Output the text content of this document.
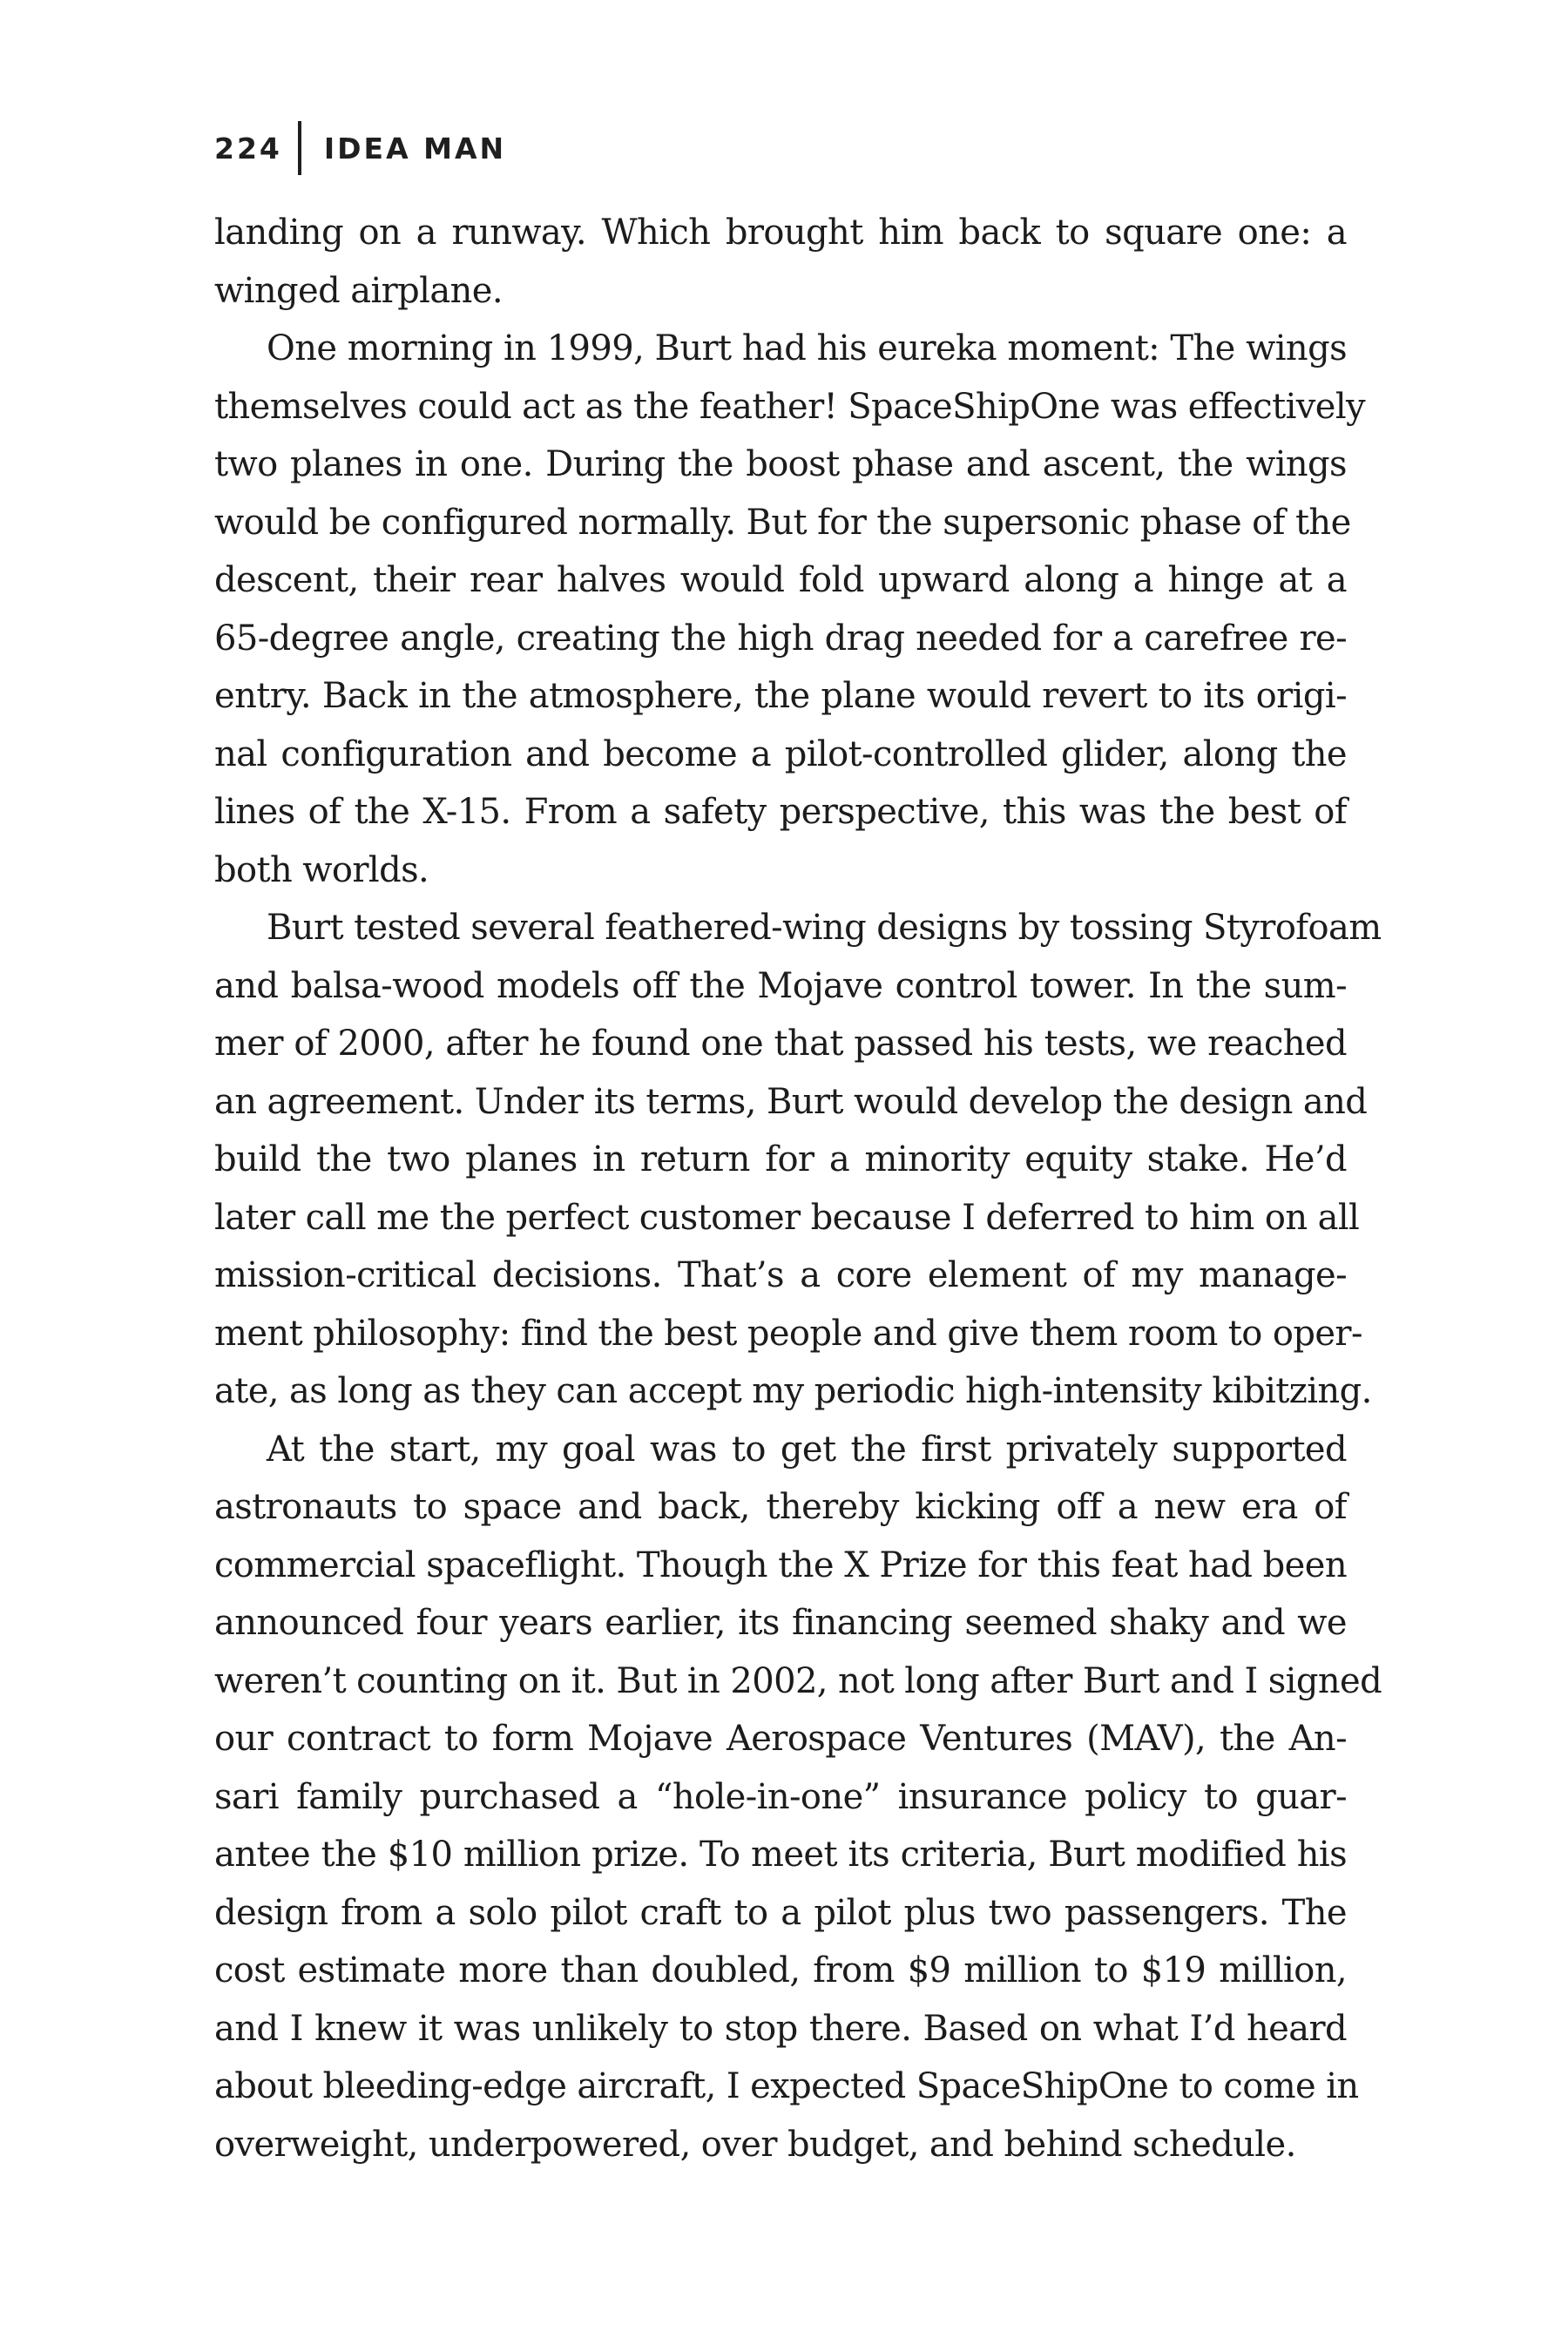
224 IDEA MAN
landing on a runway. Which brought him back to square one: a
winged airplane.
One morning in 1999, Burt had his eureka moment: The wings
themselves could act as the feather! SpaceShipOne was effectively
two planes in one. During the boost phase and ascent, the wings
would be configured normally. But for the supersonic phase of the
descent, their rear halves would fold upward along a hinge at a
65-degree angle, creating the high drag needed for a carefree re-
entry. Back in the atmosphere, the plane would revert to its origi-
nal configuration and become a pilot-controlled glider, along the
lines of the X-15. From a safety perspective, this was the best of
both worlds.
Burt tested several feathered-wing designs by tossing Styrofoam
and balsa-wood models off the Mojave control tower. In the sum-
mer of 2000, after he found one that passed his tests, we reached
an agreement. Under its terms, Burt would develop the design and
build the two planes in return for a minority equity stake. He’d
later call me the perfect customer because I deferred to him on all
mission-critical decisions. That’s a core element of my manage-
ment philosophy: find the best people and give them room to oper-
ate, as long as they can accept my periodic high-intensity kibitzing.
At the start, my goal was to get the first privately supported
astronauts to space and back, thereby kicking off a new era of
commercial spaceflight. Though the X Prize for this feat had been
announced four years earlier, its financing seemed shaky and we
weren’t counting on it. But in 2002, not long after Burt and I signed
our contract to form Mojave Aerospace Ventures (MAV), the An-
sari family purchased a “hole-in-one” insurance policy to guar-
antee the $10 million prize. To meet its criteria, Burt modified his
design from a solo pilot craft to a pilot plus two passengers. The
cost estimate more than doubled, from $9 million to $19 million,
and I knew it was unlikely to stop there. Based on what I’d heard
about bleeding-edge aircraft, I expected SpaceShipOne to come in
overweight, underpowered, over budget, and behind schedule.
